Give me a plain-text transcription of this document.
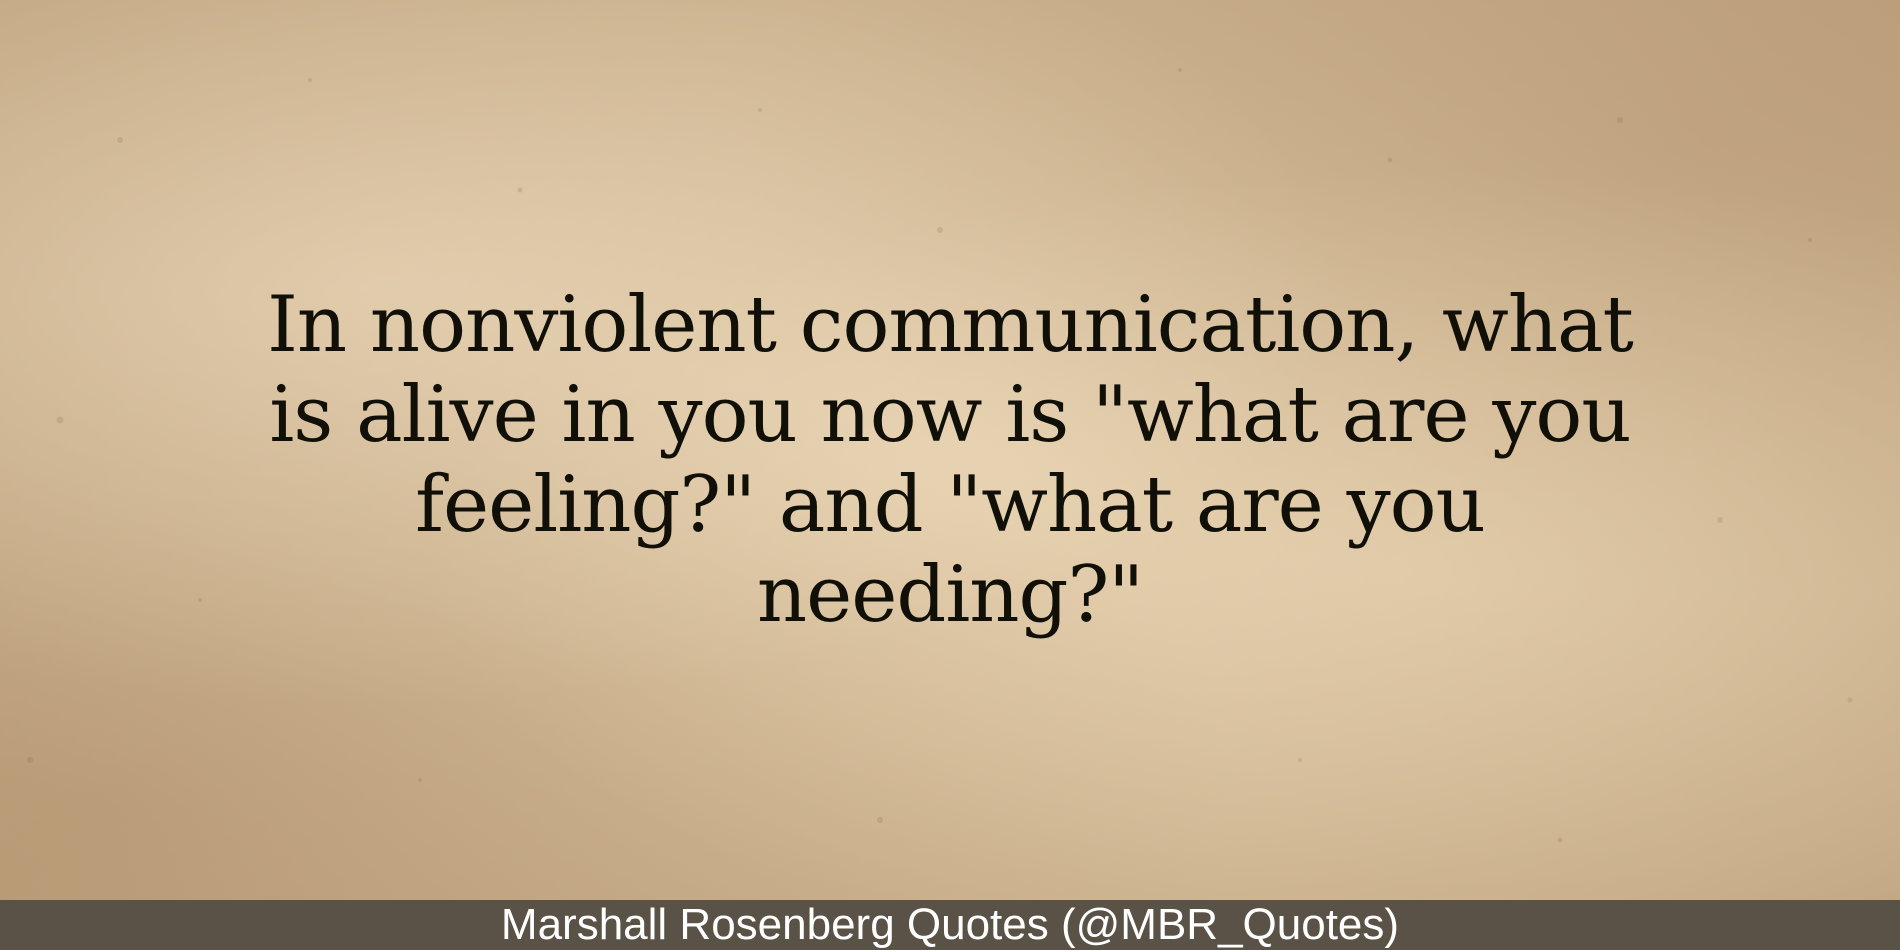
In nonviolent communication, what is alive in you now is "what are you feeling?" and "what are you needing?"
Marshall Rosenberg Quotes (@MBR_Quotes)
